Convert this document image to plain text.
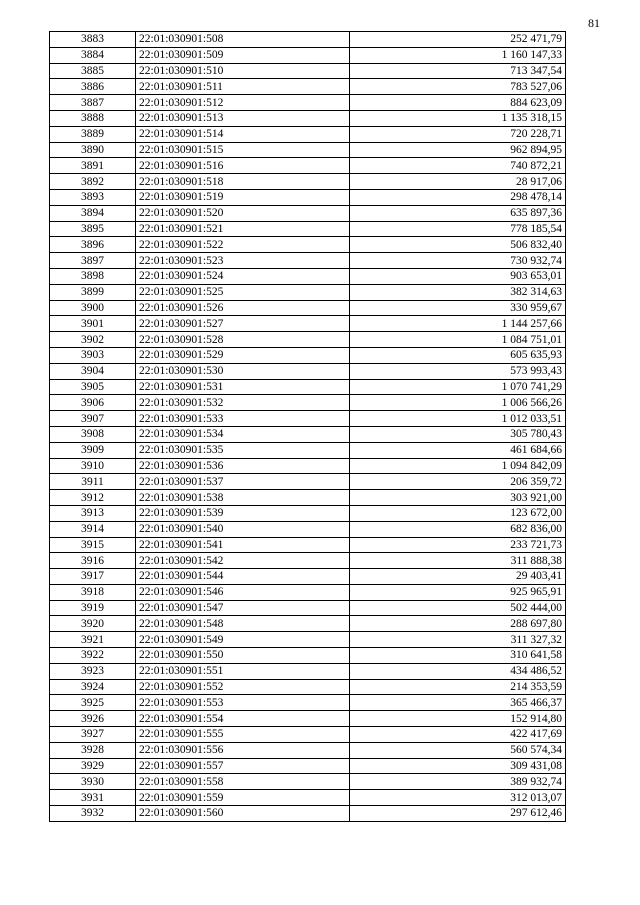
81
3883	22:01:030901:508	252 471,79
3884	22:01:030901:509	1 160 147,33
3885	22:01:030901:510	713 347,54
3886	22:01:030901:511	783 527,06
3887	22:01:030901:512	884 623,09
3888	22:01:030901:513	1 135 318,15
3889	22:01:030901:514	720 228,71
3890	22:01:030901:515	962 894,95
3891	22:01:030901:516	740 872,21
3892	22:01:030901:518	28 917,06
3893	22:01:030901:519	298 478,14
3894	22:01:030901:520	635 897,36
3895	22:01:030901:521	778 185,54
3896	22:01:030901:522	506 832,40
3897	22:01:030901:523	730 932,74
3898	22:01:030901:524	903 653,01
3899	22:01:030901:525	382 314,63
3900	22:01:030901:526	330 959,67
3901	22:01:030901:527	1 144 257,66
3902	22:01:030901:528	1 084 751,01
3903	22:01:030901:529	605 635,93
3904	22:01:030901:530	573 993,43
3905	22:01:030901:531	1 070 741,29
3906	22:01:030901:532	1 006 566,26
3907	22:01:030901:533	1 012 033,51
3908	22:01:030901:534	305 780,43
3909	22:01:030901:535	461 684,66
3910	22:01:030901:536	1 094 842,09
3911	22:01:030901:537	206 359,72
3912	22:01:030901:538	303 921,00
3913	22:01:030901:539	123 672,00
3914	22:01:030901:540	682 836,00
3915	22:01:030901:541	233 721,73
3916	22:01:030901:542	311 888,38
3917	22:01:030901:544	29 403,41
3918	22:01:030901:546	925 965,91
3919	22:01:030901:547	502 444,00
3920	22:01:030901:548	288 697,80
3921	22:01:030901:549	311 327,32
3922	22:01:030901:550	310 641,58
3923	22:01:030901:551	434 486,52
3924	22:01:030901:552	214 353,59
3925	22:01:030901:553	365 466,37
3926	22:01:030901:554	152 914,80
3927	22:01:030901:555	422 417,69
3928	22:01:030901:556	560 574,34
3929	22:01:030901:557	309 431,08
3930	22:01:030901:558	389 932,74
3931	22:01:030901:559	312 013,07
3932	22:01:030901:560	297 612,46
